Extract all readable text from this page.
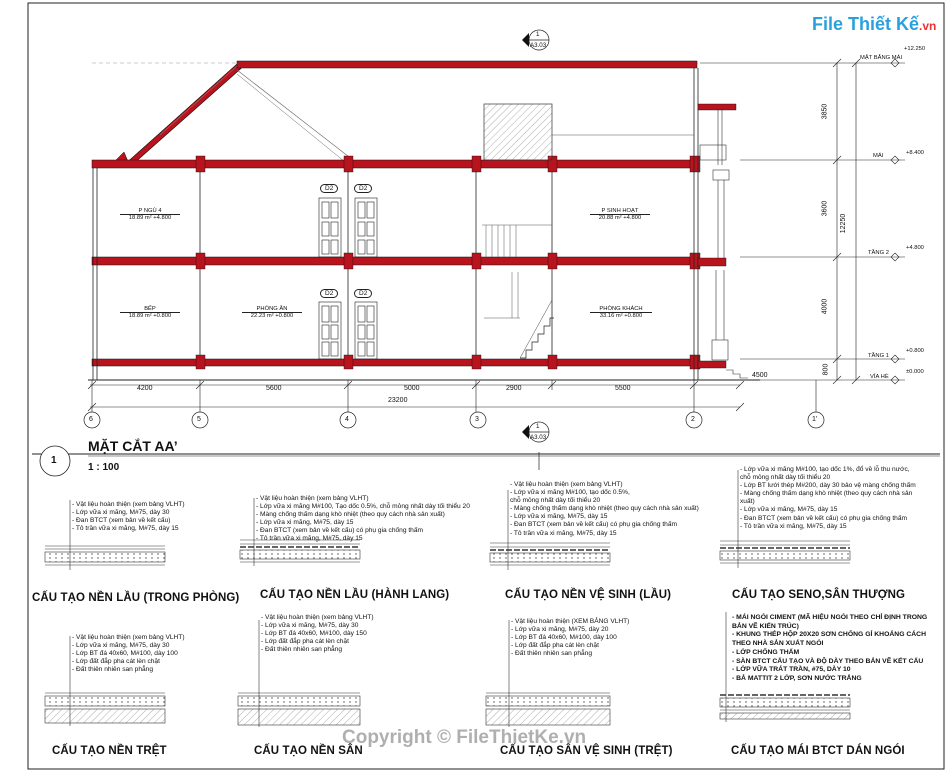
File Thiết Kế.vn
1
A3.03
1
A3.03
MẶT BẰNG MÁI
+12.250
MÁI	+8.400
TẦNG 2
+4.800
TẦNG 1
+0.800
VỈA HÈ
±0.000
3850
3600
4000
800
12250
4200	5600	5000	2900	5500
4500
23200
6	5	4	3	2	1'
D2	D2
D2	D2
P NGỦ 4
18.89 m² +4.800
P SINH HOẠT
20.88 m² +4.800
BẾP
18.89 m² +0.800
PHÒNG ĂN
22.23 m² +0.800
PHÒNG KHÁCH
33.16 m² +0.800
1
MẶT CẮT AA’
1 : 100
- Vật liệu hoàn thiện (xem bảng VLHT)
- Lớp vữa xi măng, M#75, dày 30
- Đan BTCT (xem bản về kết cấu)
- Tô trần vữa xi măng, M#75, dày 15
- Vật liệu hoàn thiện (xem bảng VLHT)
- Lớp vữa xi măng M#100, Tạo dốc 0.5%, chỗ mỏng nhất dày tối thiểu 20
- Màng chống thấm dạng khò nhiệt (theo quy cách nhà sản xuất)
- Lớp vữa xi măng, M#75, dày 15
- Đan BTCT (xem bản về kết cấu) có phụ gia chống thấm
- Tô trần vữa xi măng, M#75, dày 15
- Vật liệu hoàn thiện (xem bảng VLHT)
- Lớp vữa xi măng M#100, tạo dốc 0.5%,
chỗ mỏng nhất dày tối thiểu 20
- Màng chống thấm dạng khò nhiệt (theo quy cách nhà sản xuất)
- Lớp vữa xi măng, M#75, dày 15
- Đan BTCT (xem bản về kết cấu) có phụ gia chống thấm
- Tô trần vữa xi măng, M#75, dày 15
- Lớp vữa xi măng M#100, tạo dốc 1%, đổ về lỗ thu nước,
chỗ mỏng nhất dày tối thiểu 20
- Lớp BT lưới thép M#200, dày 30 bảo vệ màng chống thấm
- Màng chống thấm dạng khò nhiệt (theo quy cách nhà sản
xuất)
- Lớp vữa xi măng, M#75, dày 15
- Đan BTCT (xem bản về kết cấu) có phụ gia chống thấm
- Tô trần vữa xi măng, M#75, dày 15
- Vật liệu hoàn thiện (xem bảng VLHT)
- Lớp vữa xi măng, M#75, dày 30
- Lớp BT đá 40x60, M#100, dày 100
- Lớp đất đắp pha cát lèn chặt
- Đất thiên nhiên san phẳng
- Vật liệu hoàn thiện (xem bảng VLHT)
- Lớp vữa xi măng, M#75, dày 30
- Lớp BT đá 40x60, M#100, dày 150
- Lớp đất đắp pha cát lèn chặt
- Đất thiên nhiên san phẳng
- Vật liệu hoàn thiện (XEM BẢNG VLHT)
- Lớp vữa xi măng, M#75, dày 20
- Lớp BT đá 40x60, M#100, dày 100
- Lớp đất đắp pha cát lèn chặt
- Đất thiên nhiên san phẳng
- MÁI NGÓI CIMENT (MÃ HIỆU NGÓI THEO CHỈ ĐỊNH TRONG
BẢN VẼ KIẾN TRÚC)
- KHUNG THÉP HỘP 20X20 SƠN CHỐNG GỈ KHOẢNG CÁCH
THEO NHÀ SẢN XUẤT NGÓI
- LỚP CHỐNG THẤM
- SÀN BTCT CẤU TẠO VÀ ĐỘ DÀY THEO BẢN VẼ KẾT CẤU
- LỚP VỮA TRÁT TRẦN, #75, DÀY 10
- BẢ MATTIT 2 LỚP, SƠN NƯỚC TRẮNG
CẤU TẠO NỀN LẦU (TRONG PHÒNG) CẤU TẠO NỀN LẦU (HÀNH LANG)	CẤU TẠO NỀN VỆ SINH (LẦU)	CẤU TẠO SENO,SÂN THƯỢNG
CẤU TẠO NỀN TRỆT	CẤU TẠO NỀN SÂN	CẤU TẠO SÂN VỆ SINH (TRỆT)	CẤU TẠO MÁI BTCT DÁN NGÓI
Copyright © FileThietKe.vn
